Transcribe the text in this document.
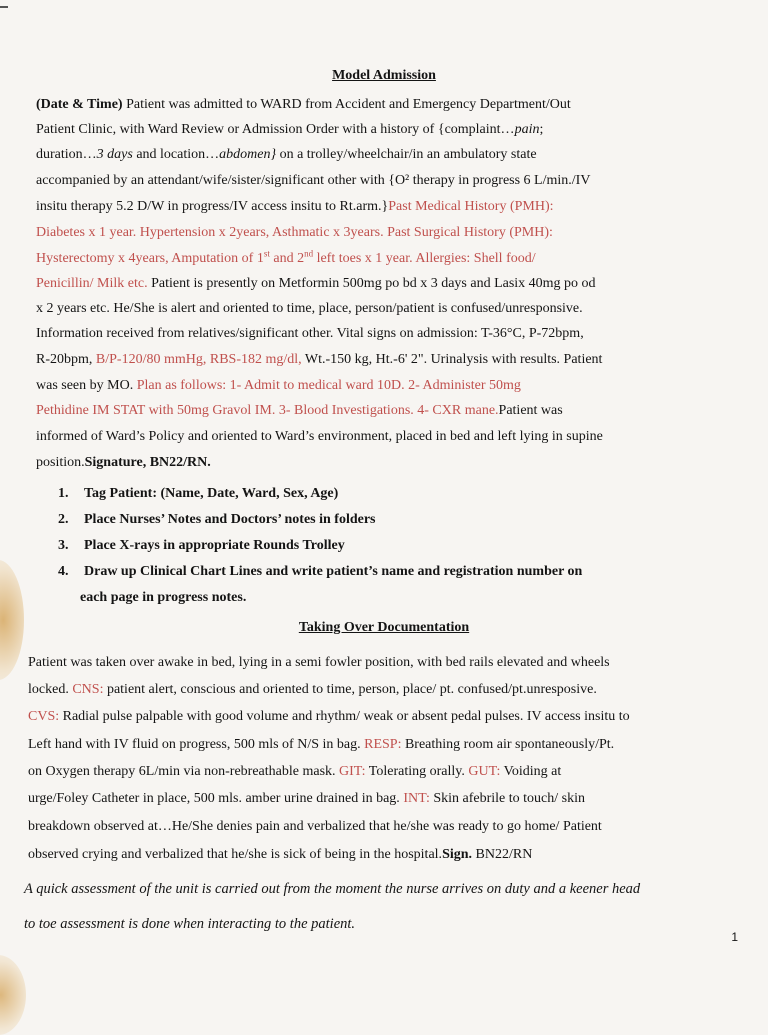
Model Admission
(Date & Time) Patient was admitted to WARD from Accident and Emergency Department/Out
Patient Clinic, with Ward Review or Admission Order with a history of {complaint…pain;
duration…3 days and location…abdomen} on a trolley/wheelchair/in an ambulatory state
accompanied by an attendant/wife/sister/significant other with {O² therapy in progress 6 L/min./IV
insitu therapy 5.2 D/W in progress/IV access insitu to Rt.arm.}Past Medical History (PMH):
Diabetes x 1 year. Hypertension x 2years, Asthmatic x 3years. Past Surgical History (PMH):
Hysterectomy x 4years, Amputation of 1st and 2nd left toes x 1 year. Allergies: Shell food/
Penicillin/ Milk etc. Patient is presently on Metformin 500mg po bd x 3 days and Lasix 40mg po od
x 2 years etc. He/She is alert and oriented to time, place, person/patient is confused/unresponsive.
Information received from relatives/significant other. Vital signs on admission: T-36°C, P-72bpm,
R-20bpm, B/P-120/80 mmHg, RBS-182 mg/dl, Wt.-150 kg, Ht.-6' 2". Urinalysis with results. Patient
was seen by MO. Plan as follows: 1- Admit to medical ward 10D. 2- Administer 50mg
Pethidine IM STAT with 50mg Gravol IM. 3- Blood Investigations. 4- CXR mane.Patient was
informed of Ward’s Policy and oriented to Ward’s environment, placed in bed and left lying in supine
position.Signature, BN22/RN.
1. Tag Patient: (Name, Date, Ward, Sex, Age)
2. Place Nurses’ Notes and Doctors’ notes in folders
3. Place X-rays in appropriate Rounds Trolley
4. Draw up Clinical Chart Lines and write patient’s name and registration number on
each page in progress notes.
Taking Over Documentation
Patient was taken over awake in bed, lying in a semi fowler position, with bed rails elevated and wheels
locked. CNS: patient alert, conscious and oriented to time, person, place/ pt. confused/pt.unresposive.
CVS: Radial pulse palpable with good volume and rhythm/ weak or absent pedal pulses. IV access insitu to
Left hand with IV fluid on progress, 500 mls of N/S in bag. RESP: Breathing room air spontaneously/Pt.
on Oxygen therapy 6L/min via non-rebreathable mask. GIT: Tolerating orally. GUT: Voiding at
urge/Foley Catheter in place, 500 mls. amber urine drained in bag. INT: Skin afebrile to touch/ skin
breakdown observed at…He/She denies pain and verbalized that he/she was ready to go home/ Patient
observed crying and verbalized that he/she is sick of being in the hospital.Sign. BN22/RN
A quick assessment of the unit is carried out from the moment the nurse arrives on duty and a keener head
to toe assessment is done when interacting to the patient.
1
